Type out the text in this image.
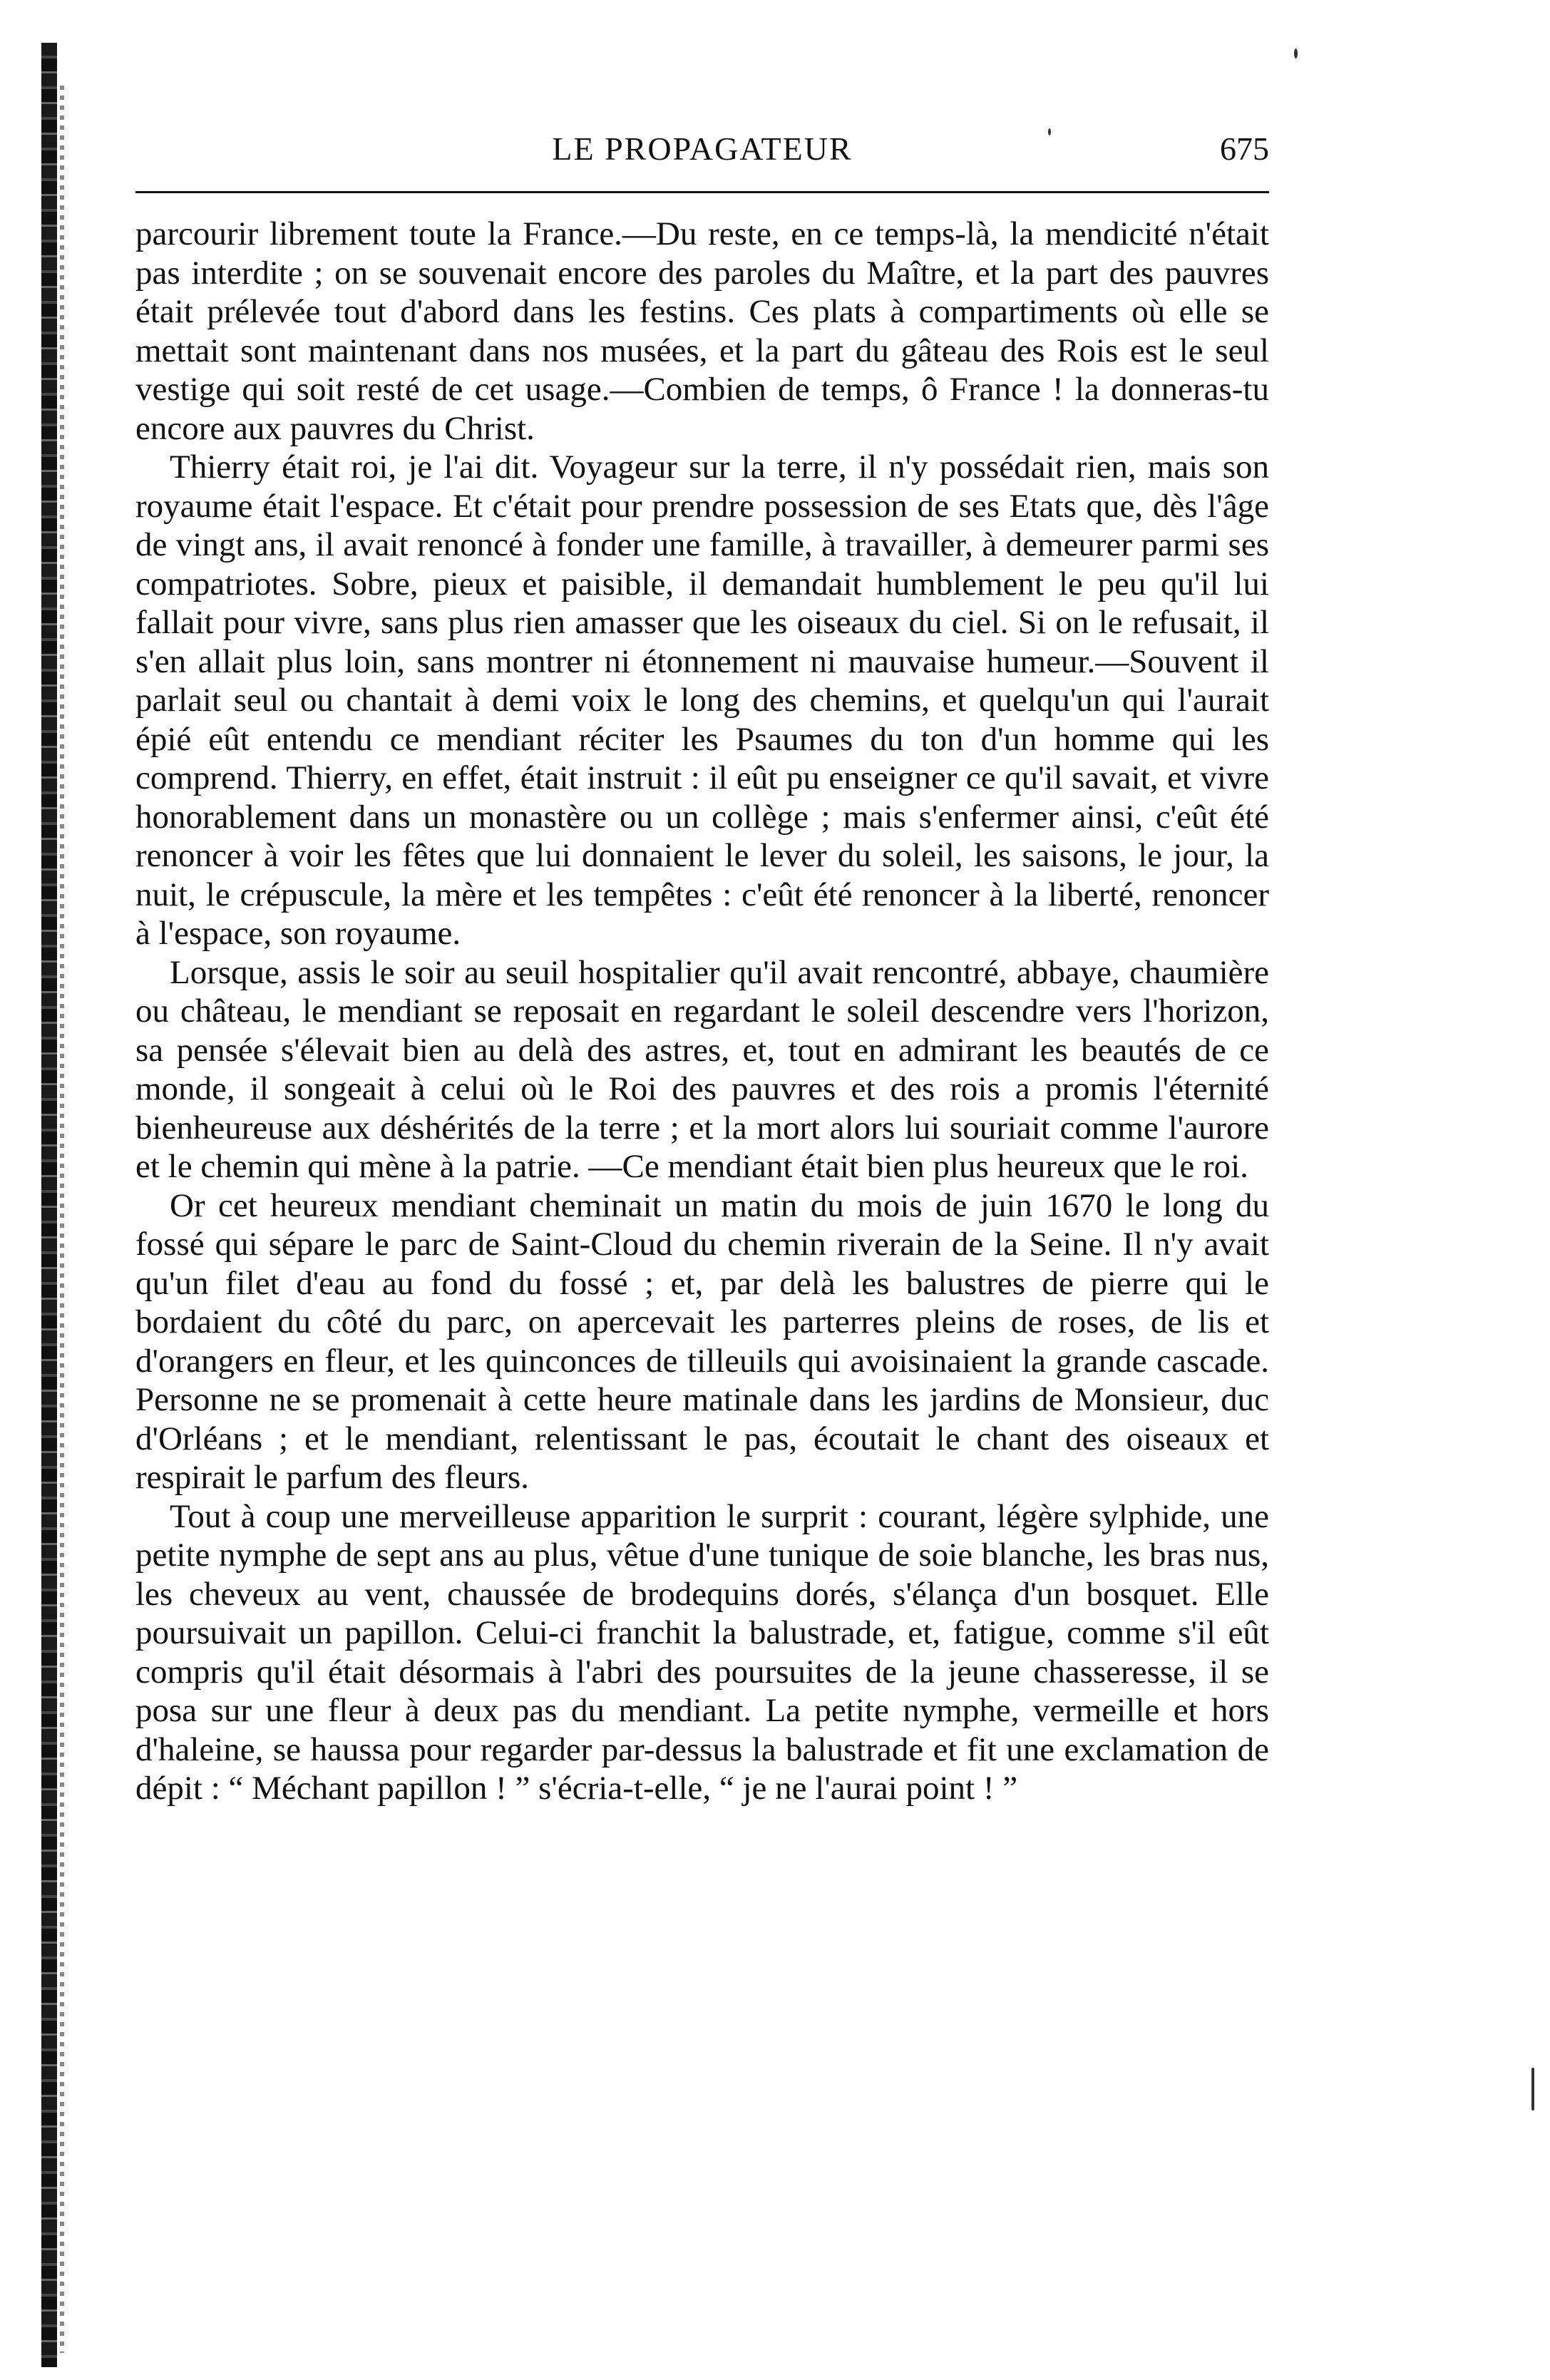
LE PROPAGATEUR	675

parcourir librement toute la France.—Du reste, en ce temps-là, la mendicité n'était pas interdite ; on se souvenait encore des paroles du Maître, et la part des pauvres était prélevée tout d'abord dans les festins. Ces plats à compartiments où elle se mettait sont maintenant dans nos musées, et la part du gâteau des Rois est le seul vestige qui soit resté de cet usage.—Combien de temps, ô France ! la donneras-tu encore aux pauvres du Christ.

Thierry était roi, je l'ai dit. Voyageur sur la terre, il n'y possédait rien, mais son royaume était l'espace. Et c'était pour prendre possession de ses Etats que, dès l'âge de vingt ans, il avait renoncé à fonder une famille, à travailler, à demeurer parmi ses compatriotes. Sobre, pieux et paisible, il demandait humblement le peu qu'il lui fallait pour vivre, sans plus rien amasser que les oiseaux du ciel. Si on le refusait, il s'en allait plus loin, sans montrer ni étonnement ni mauvaise humeur.—Souvent il parlait seul ou chantait à demi voix le long des chemins, et quelqu'un qui l'aurait épié eût entendu ce mendiant réciter les Psaumes du ton d'un homme qui les comprend. Thierry, en effet, était instruit : il eût pu enseigner ce qu'il savait, et vivre honorablement dans un monastère ou un collège ; mais s'enfermer ainsi, c'eût été renoncer à voir les fêtes que lui donnaient le lever du soleil, les saisons, le jour, la nuit, le crépuscule, la mère et les tempêtes : c'eût été renoncer à la liberté, renoncer à l'espace, son royaume.

Lorsque, assis le soir au seuil hospitalier qu'il avait rencontré, abbaye, chaumière ou château, le mendiant se reposait en regardant le soleil descendre vers l'horizon, sa pensée s'élevait bien au delà des astres, et, tout en admirant les beautés de ce monde, il songeait à celui où le Roi des pauvres et des rois a promis l'éternité bienheureuse aux déshérités de la terre ; et la mort alors lui souriait comme l'aurore et le chemin qui mène à la patrie. —Ce mendiant était bien plus heureux que le roi.

Or cet heureux mendiant cheminait un matin du mois de juin 1670 le long du fossé qui sépare le parc de Saint-Cloud du chemin riverain de la Seine. Il n'y avait qu'un filet d'eau au fond du fossé ; et, par delà les balustres de pierre qui le bordaient du côté du parc, on apercevait les parterres pleins de roses, de lis et d'orangers en fleur, et les quinconces de tilleuils qui avoisinaient la grande cascade. Personne ne se promenait à cette heure matinale dans les jardins de Monsieur, duc d'Orléans ; et le mendiant, relentissant le pas, écoutait le chant des oiseaux et respirait le parfum des fleurs.

Tout à coup une merveilleuse apparition le surprit : courant, légère sylphide, une petite nymphe de sept ans au plus, vêtue d'une tunique de soie blanche, les bras nus, les cheveux au vent, chaussée de brodequins dorés, s'élança d'un bosquet. Elle poursuivait un papillon. Celui-ci franchit la balustrade, et, fatigue, comme s'il eût compris qu'il était désormais à l'abri des poursuites de la jeune chasseresse, il se posa sur une fleur à deux pas du mendiant. La petite nymphe, vermeille et hors d'haleine, se haussa pour regarder par-dessus la balustrade et fit une exclamation de dépit : “ Méchant papillon ! ” s'écria-t-elle, “ je ne l'aurai point ! ”
